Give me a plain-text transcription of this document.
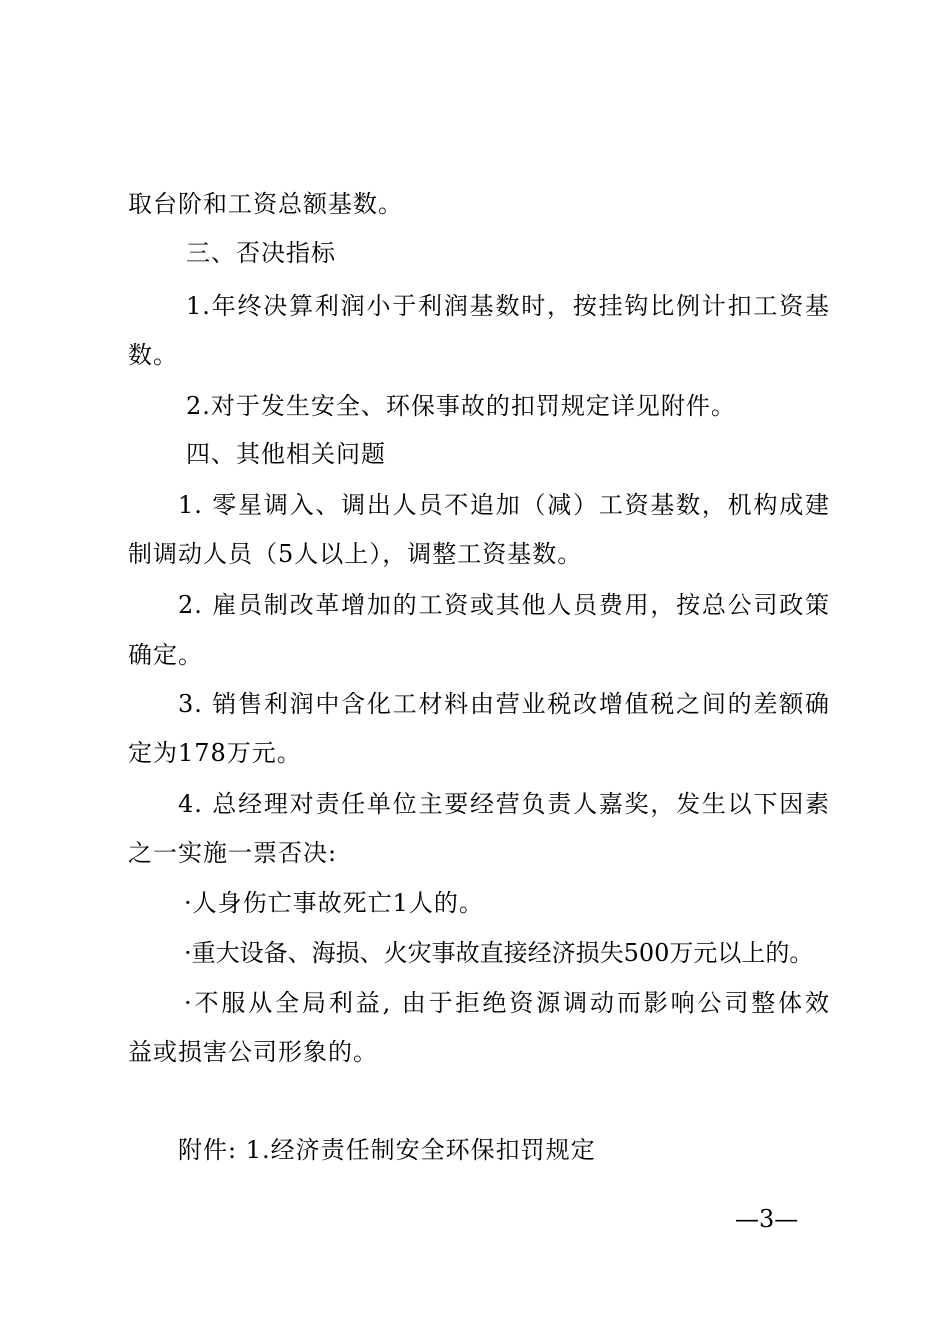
取台阶和工资总额基数。
三、否决指标
1.年终决算利润小于利润基数时，按挂钩比例计扣工资基
数。
2.对于发生安全、环保事故的扣罚规定详见附件。
四、其他相关问题
1. 零星调入、调出人员不追加（减）工资基数，机构成建
制调动人员（5人以上），调整工资基数。
2. 雇员制改革增加的工资或其他人员费用，按总公司政策
确定。
3. 销售利润中含化工材料由营业税改增值税之间的差额确
定为178万元。
4. 总经理对责任单位主要经营负责人嘉奖，发生以下因素
之一实施一票否决:
·人身伤亡事故死亡1人的。
·重大设备、海损、火灾事故直接经济损失500万元以上的。
·不服从全局利益, 由于拒绝资源调动而影响公司整体效
益或损害公司形象的。
附件: 1.经济责任制安全环保扣罚规定
—3—
